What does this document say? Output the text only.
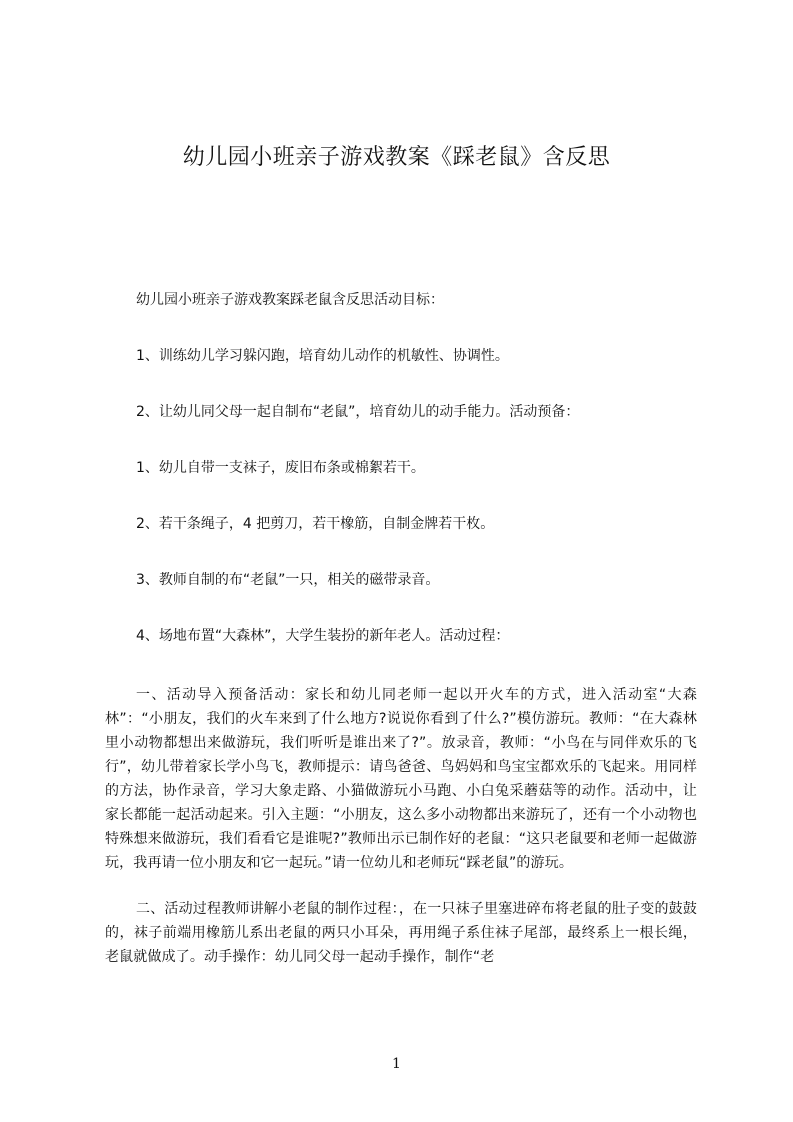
幼儿园小班亲子游戏教案《踩老鼠》含反思

幼儿园小班亲子游戏教案踩老鼠含反思活动目标：

1、训练幼儿学习躲闪跑，培育幼儿动作的机敏性、协调性。

2、让幼儿同父母一起自制布“老鼠”，培育幼儿的动手能力。活动预备：

1、幼儿自带一支袜子，废旧布条或棉絮若干。

2、若干条绳子，4 把剪刀，若干橡筋，自制金牌若干枚。

3、教师自制的布“老鼠”一只，相关的磁带录音。

4、场地布置“大森林”，大学生装扮的新年老人。活动过程：

一、活动导入预备活动：家长和幼儿同老师一起以开火车的方式，进入活动室“大森林”：“小朋友，我们的火车来到了什么地方?说说你看到了什么?”模仿游玩。教师：“在大森林里小动物都想出来做游玩，我们听听是谁出来了?”。放录音，教师：“小鸟在与同伴欢乐的飞行”，幼儿带着家长学小鸟飞，教师提示：请鸟爸爸、鸟妈妈和鸟宝宝都欢乐的飞起来。用同样的方法，协作录音，学习大象走路、小猫做游玩小马跑、小白兔采蘑菇等的动作。活动中，让家长都能一起活动起来。引入主题：“小朋友，这么多小动物都出来游玩了，还有一个小动物也特殊想来做游玩，我们看看它是谁呢?”教师出示已制作好的老鼠：“这只老鼠要和老师一起做游玩，我再请一位小朋友和它一起玩。”请一位幼儿和老师玩“踩老鼠”的游玩。

二、活动过程教师讲解小老鼠的制作过程：，在一只袜子里塞进碎布将老鼠的肚子变的鼓鼓的，袜子前端用橡筋儿系出老鼠的两只小耳朵，再用绳子系住袜子尾部，最终系上一根长绳，老鼠就做成了。动手操作：幼儿同父母一起动手操作，制作“老

1
